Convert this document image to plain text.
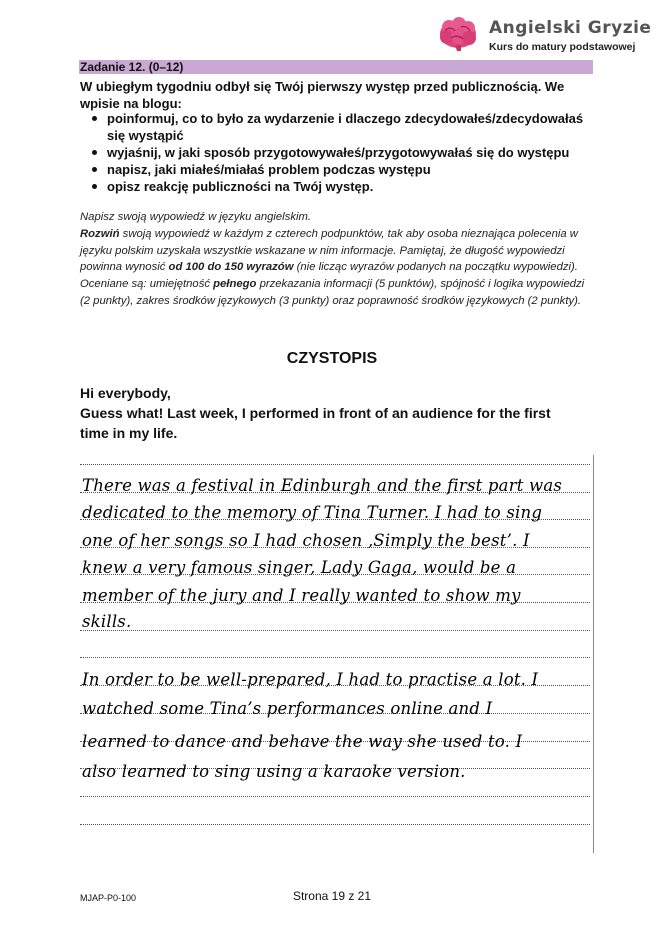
Angielski Gryzie
Kurs do matury podstawowej
Zadanie 12. (0–12)
W ubiegłym tygodniu odbył się Twój pierwszy występ przed publicznością. We wpisie na blogu:
poinformuj, co to było za wydarzenie i dlaczego zdecydowałeś/zdecydowałaś się wystąpić
wyjaśnij, w jaki sposób przygotowywałeś/przygotowywałaś się do występu
napisz, jaki miałeś/miałaś problem podczas występu
opisz reakcję publiczności na Twój występ.

Napisz swoją wypowiedź w języku angielskim.

Rozwiń swoją wypowiedź w każdym z czterech podpunktów, tak aby osoba nieznająca polecenia w języku polskim uzyskała wszystkie wskazane w nim informacje. Pamiętaj, że długość wypowiedzi powinna wynosić od 100 do 150 wyrazów (nie licząc wyrazów podanych na początku wypowiedzi). Oceniane są: umiejętność pełnego przekazania informacji (5 punktów), spójność i logika wypowiedzi (2 punkty), zakres środków językowych (3 punkty) oraz poprawność środków językowych (2 punkty).

CZYSTOPIS
Hi everybody,
Guess what! Last week, I performed in front of an audience for the first
time in my life.
There was a festival in Edinburgh and the first part was
dedicated to the memory of Tina Turner. I had to sing
one of her songs so I had chosen ‚Simply the best’. I
knew a very famous singer, Lady Gaga, would be a
member of the jury and I really wanted to show my
skills.
In order to be well-prepared, I had to practise a lot. I
watched some Tina’s performances online and I
learned to dance and behave the way she used to. I
also learned to sing using a karaoke version.
MJAP-P0-100	Strona 19 z 21
